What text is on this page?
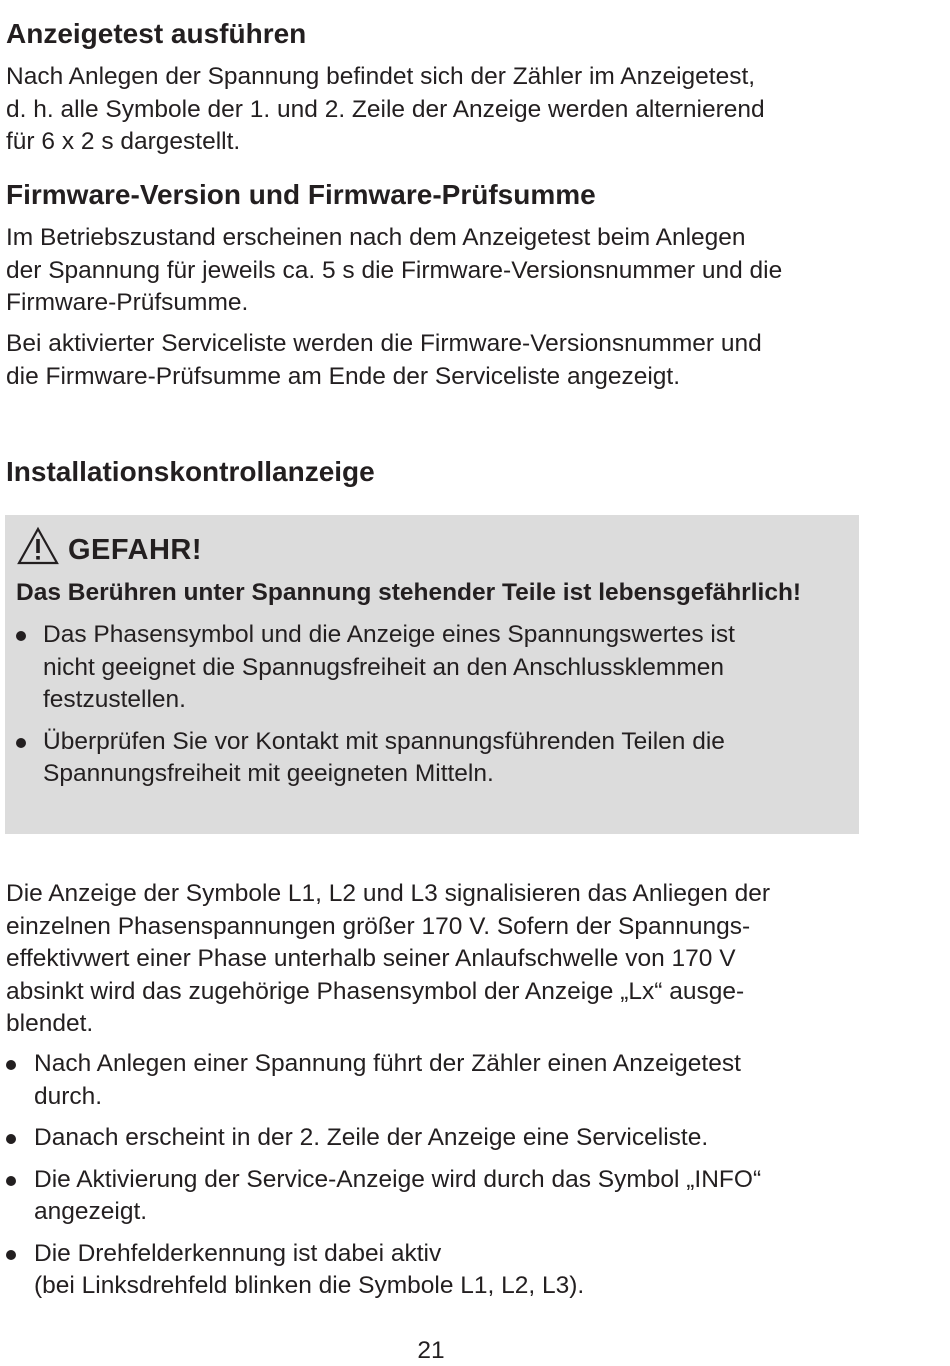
Anzeigetest ausführen

Nach Anlegen der Spannung befindet sich der Zähler im Anzeigetest,
d. h. alle Symbole der 1. und 2. Zeile der Anzeige werden alternierend
für 6 x 2 s dargestellt.

Firmware-Version und Firmware-Prüfsumme

Im Betriebszustand erscheinen nach dem Anzeigetest beim Anlegen
der Spannung für jeweils ca. 5 s die Firmware-Versionsnummer und die
Firmware-Prüfsumme.

Bei aktivierter Serviceliste werden die Firmware-Versionsnummer und
die Firmware-Prüfsumme am Ende der Serviceliste angezeigt.

Installationskontrollanzeige
GEFAHR!

Das Berühren unter Spannung stehender Teile ist lebensgefährlich!

Das Phasensymbol und die Anzeige eines Spannungswertes ist
nicht geeignet die Spannugsfreiheit an den Anschlussklemmen
festzustellen.
Überprüfen Sie vor Kontakt mit spannungsführenden Teilen die
Spannungsfreiheit mit geeigneten Mitteln.

Die Anzeige der Symbole L1, L2 und L3 signalisieren das Anliegen der
einzelnen Phasenspannungen größer 170 V. Sofern der Spannungs-
effektivwert einer Phase unterhalb seiner Anlaufschwelle von 170 V
absinkt wird das zugehörige Phasensymbol der Anzeige „Lx“ ausge-
blendet.

Nach Anlegen einer Spannung führt der Zähler einen Anzeigetest
durch.
Danach erscheint in der 2. Zeile der Anzeige eine Serviceliste.
Die Aktivierung der Service-Anzeige wird durch das Symbol „INFO“
angezeigt.
Die Drehfelderkennung ist dabei aktiv
(bei Linksdrehfeld blinken die Symbole L1, L2, L3).
21
